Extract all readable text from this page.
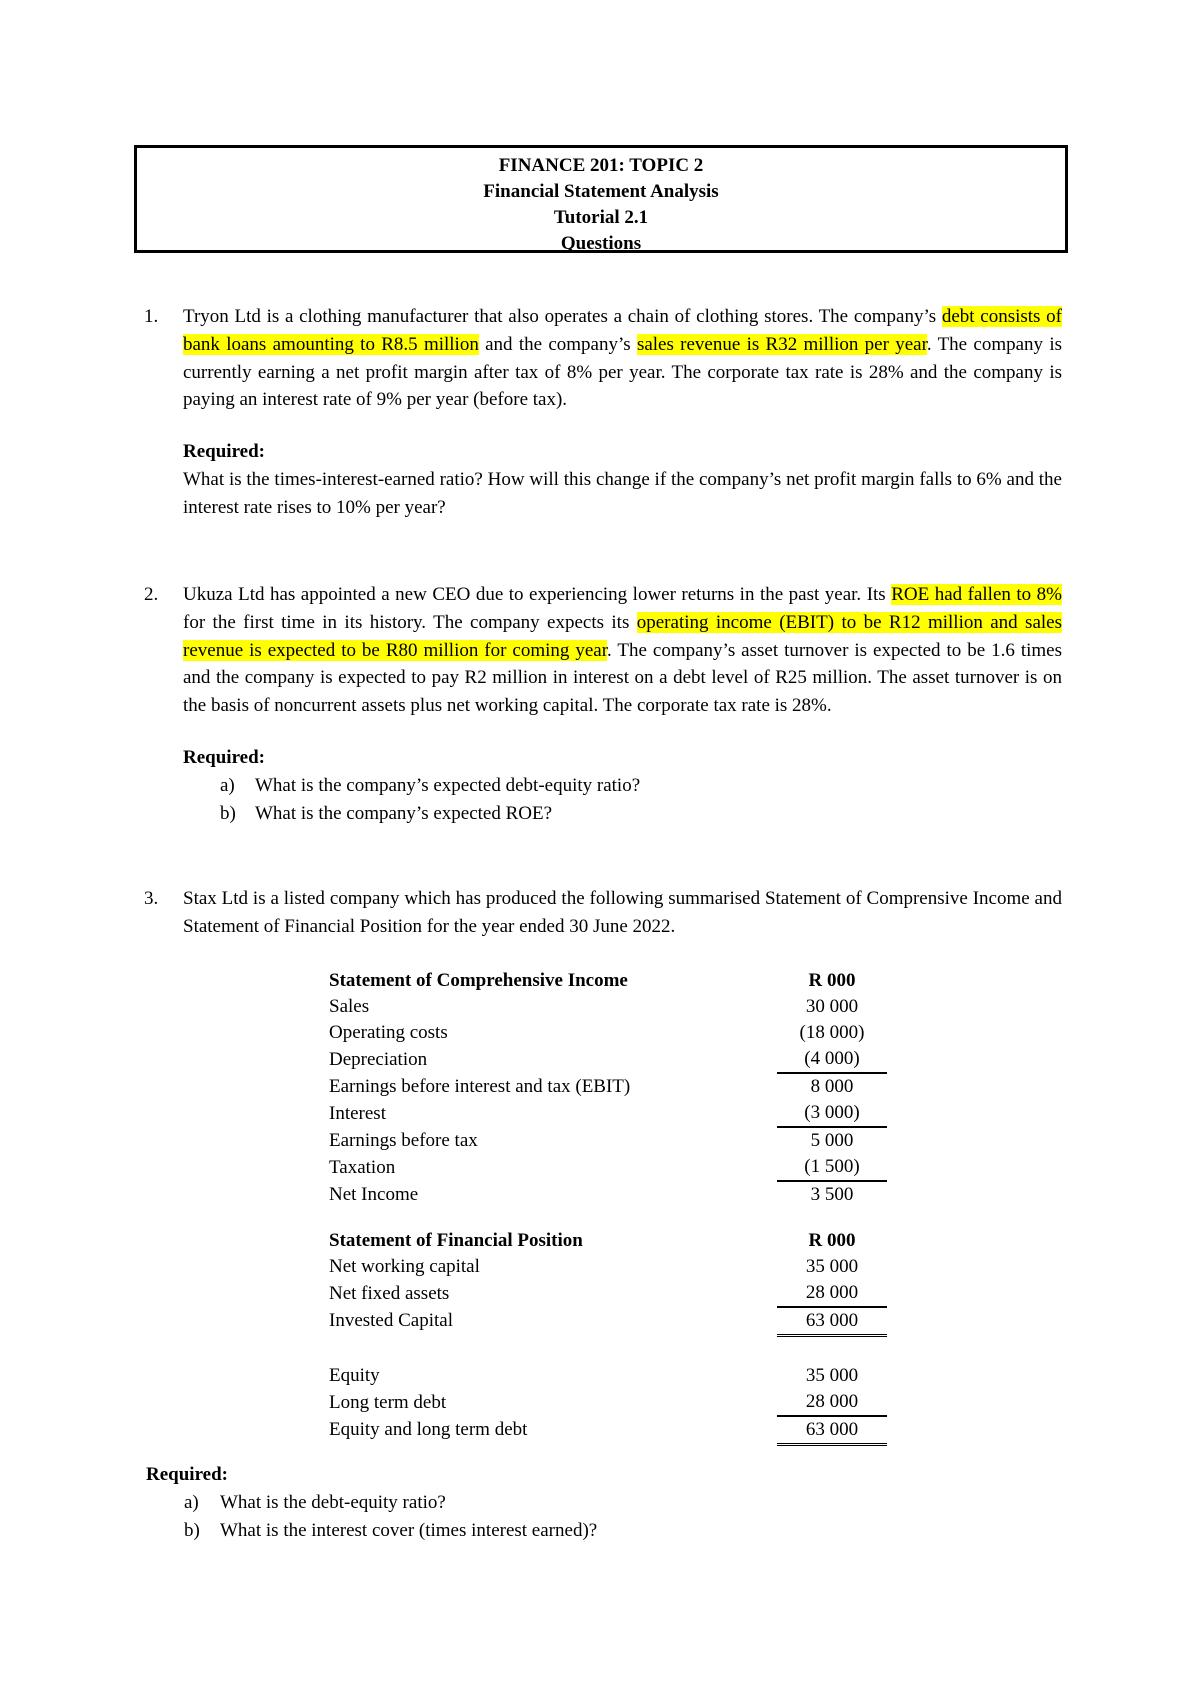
FINANCE 201: TOPIC 2
Financial Statement Analysis
Tutorial 2.1
Questions
1. Tryon Ltd is a clothing manufacturer that also operates a chain of clothing stores. The company’s debt consists of bank loans amounting to R8.5 million and the company’s sales revenue is R32 million per year. The company is currently earning a net profit margin after tax of 8% per year. The corporate tax rate is 28% and the company is paying an interest rate of 9% per year (before tax).
Required:
What is the times-interest-earned ratio? How will this change if the company’s net profit margin falls to 6% and the interest rate rises to 10% per year?
2. Ukuza Ltd has appointed a new CEO due to experiencing lower returns in the past year. Its ROE had fallen to 8% for the first time in its history. The company expects its operating income (EBIT) to be R12 million and sales revenue is expected to be R80 million for coming year. The company’s asset turnover is expected to be 1.6 times and the company is expected to pay R2 million in interest on a debt level of R25 million. The asset turnover is on the basis of noncurrent assets plus net working capital. The corporate tax rate is 28%.
Required:
a) What is the company’s expected debt-equity ratio?
b) What is the company’s expected ROE?
3. Stax Ltd is a listed company which has produced the following summarised Statement of Comprensive Income and Statement of Financial Position for the year ended 30 June 2022.
Statement of Comprehensive Income	R 000
Sales	30 000
Operating costs	(18 000)
Depreciation	(4 000)
Earnings before interest and tax (EBIT)	8 000
Interest	(3 000)
Earnings before tax	5 000
Taxation	(1 500)
Net Income	3 500
Statement of Financial Position	R 000
Net working capital	35 000
Net fixed assets	28 000
Invested Capital	63 000

Equity	35 000
Long term debt	28 000
Equity and long term debt	63 000
Required:
a) What is the debt-equity ratio?
b) What is the interest cover (times interest earned)?
